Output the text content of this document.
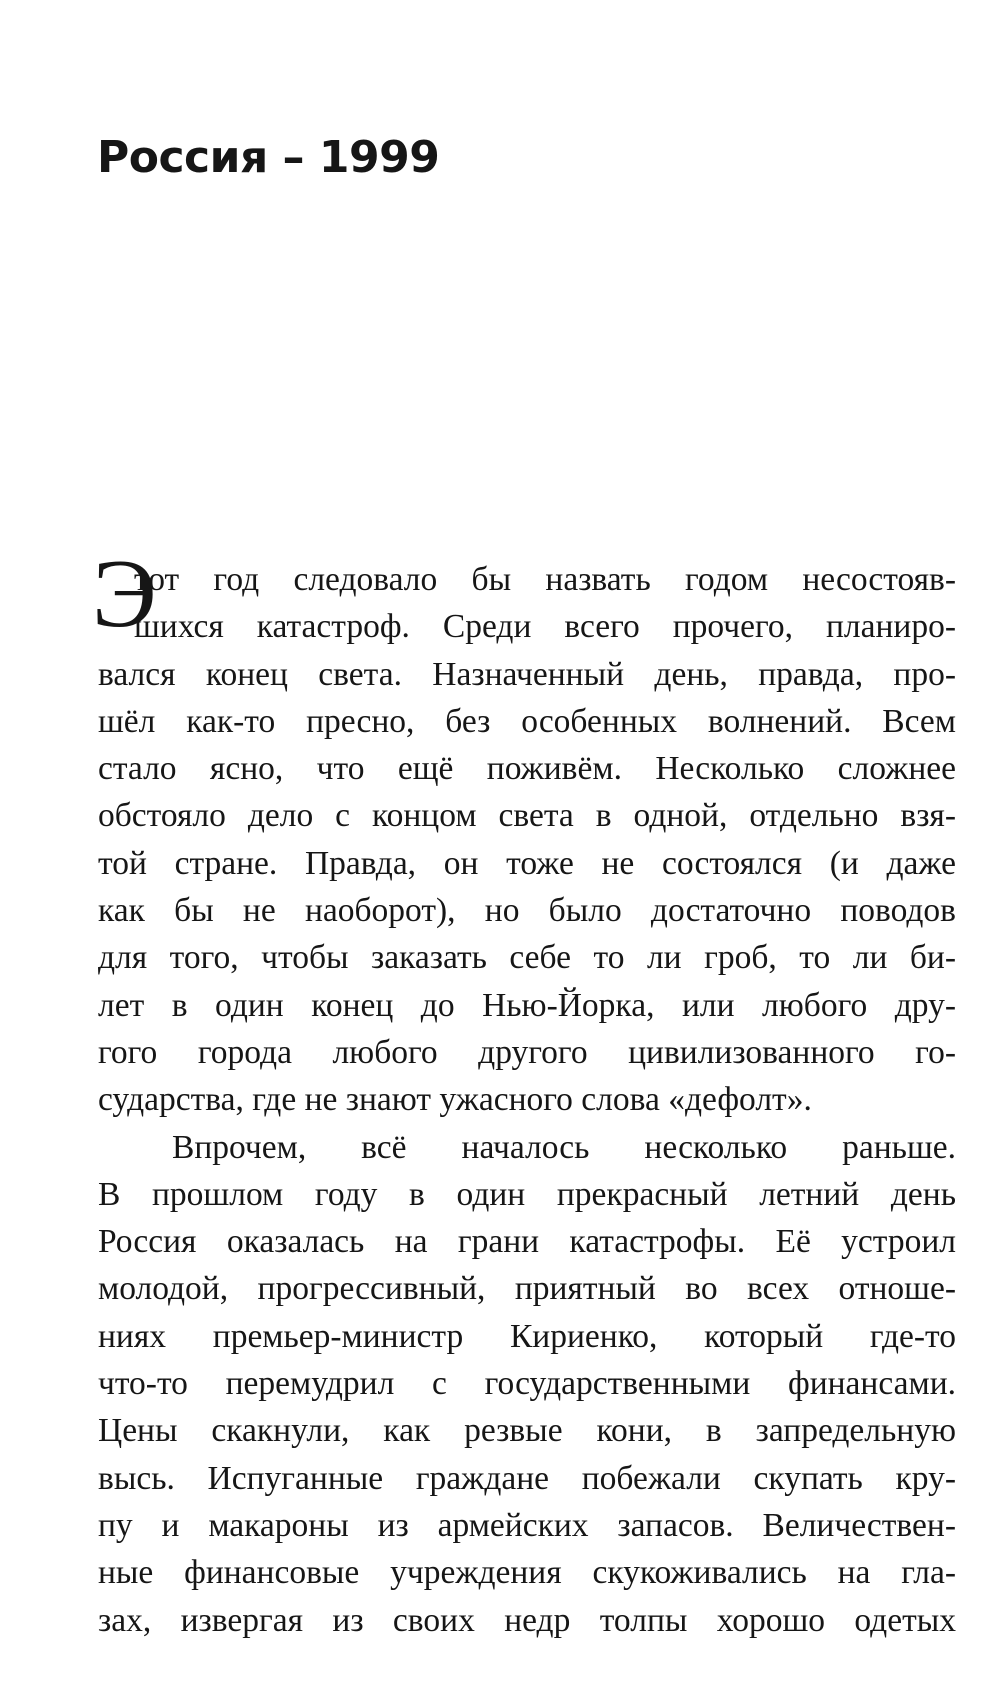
Россия – 1999
Э
тот год следовало бы назвать годом несостояв-
шихся катастроф. Среди всего прочего, планиро-
вался конец света. Назначенный день, правда, про-
шёл как-то пресно, без особенных волнений. Всем
стало ясно, что ещё поживём. Несколько сложнее
обстояло дело с концом света в одной, отдельно взя-
той стране. Правда, он тоже не состоялся (и даже
как бы не наоборот), но было достаточно поводов
для того, чтобы заказать себе то ли гроб, то ли би-
лет в один конец до Нью-Йорка, или любого дру-
гого города любого другого цивилизованного го-
сударства, где не знают ужасного слова «дефолт».
Впрочем, всё началось несколько раньше.
В прошлом году в один прекрасный летний день
Россия оказалась на грани катастрофы. Её устроил
молодой, прогрессивный, приятный во всех отноше-
ниях премьер-министр Кириенко, который где-то
что-то перемудрил с государственными финансами.
Цены скакнули, как резвые кони, в запредельную
высь. Испуганные граждане побежали скупать кру-
пу и макароны из армейских запасов. Величествен-
ные финансовые учреждения скукоживались на гла-
зах, извергая из своих недр толпы хорошо одетых
